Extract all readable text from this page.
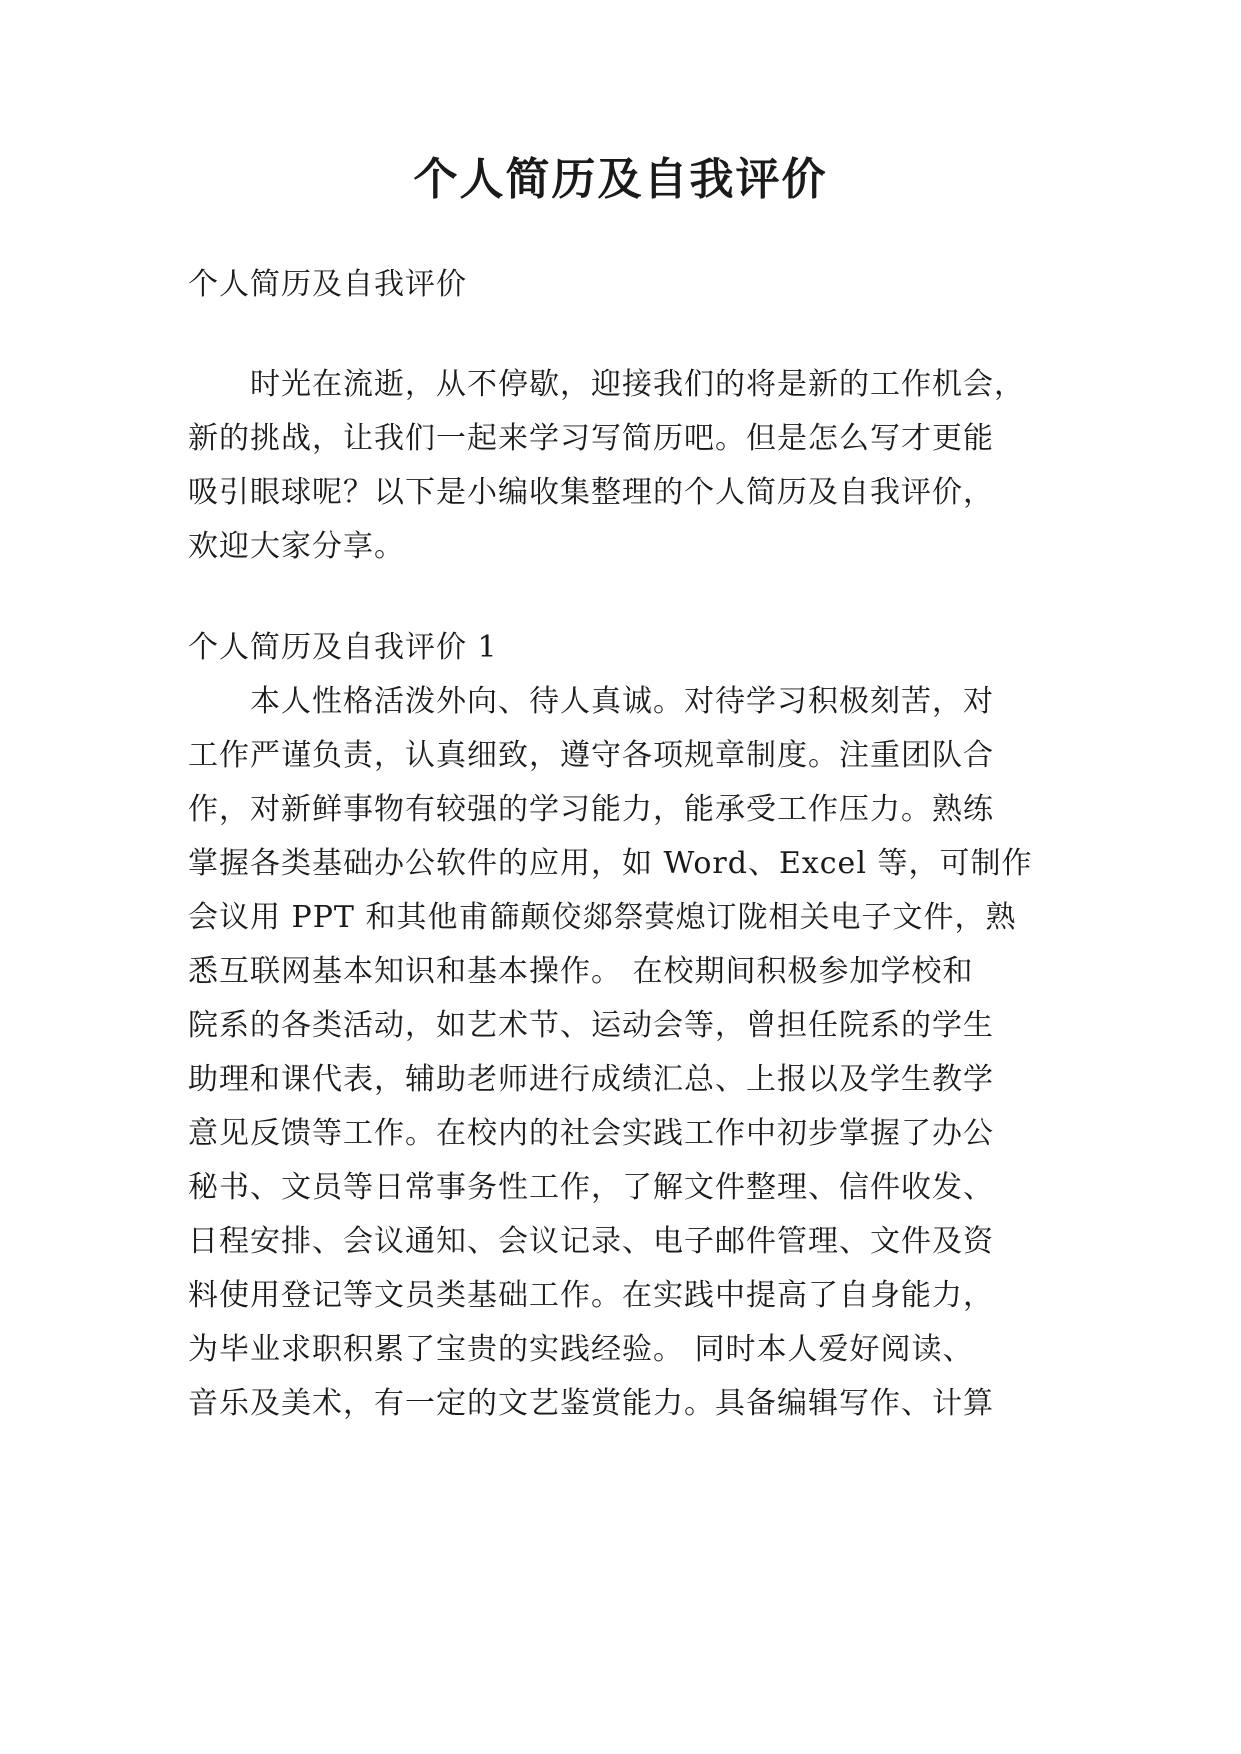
个人简历及自我评价

个人简历及自我评价

　　时光在流逝，从不停歇，迎接我们的将是新的工作机会，

新的挑战，让我们一起来学习写简历吧。但是怎么写才更能

吸引眼球呢？以下是小编收集整理的个人简历及自我评价，

欢迎大家分享。

个人简历及自我评价 1

　　本人性格活泼外向、待人真诚。对待学习积极刻苦，对

工作严谨负责，认真细致，遵守各项规章制度。注重团队合

作，对新鲜事物有较强的学习能力，能承受工作压力。熟练

掌握各类基础办公软件的应用，如 Word、Excel 等，可制作

会议用 PPT 和其他甫篩颠佼郯祭蓂熄订陇相关电子文件，熟

悉互联网基本知识和基本操作。 在校期间积极参加学校和

院系的各类活动，如艺术节、运动会等，曾担任院系的学生

助理和课代表，辅助老师进行成绩汇总、上报以及学生教学

意见反馈等工作。在校内的社会实践工作中初步掌握了办公

秘书、文员等日常事务性工作，了解文件整理、信件收发、

日程安排、会议通知、会议记录、电子邮件管理、文件及资

料使用登记等文员类基础工作。在实践中提高了自身能力，

为毕业求职积累了宝贵的实践经验。 同时本人爱好阅读、

音乐及美术，有一定的文艺鉴赏能力。具备编辑写作、计算
